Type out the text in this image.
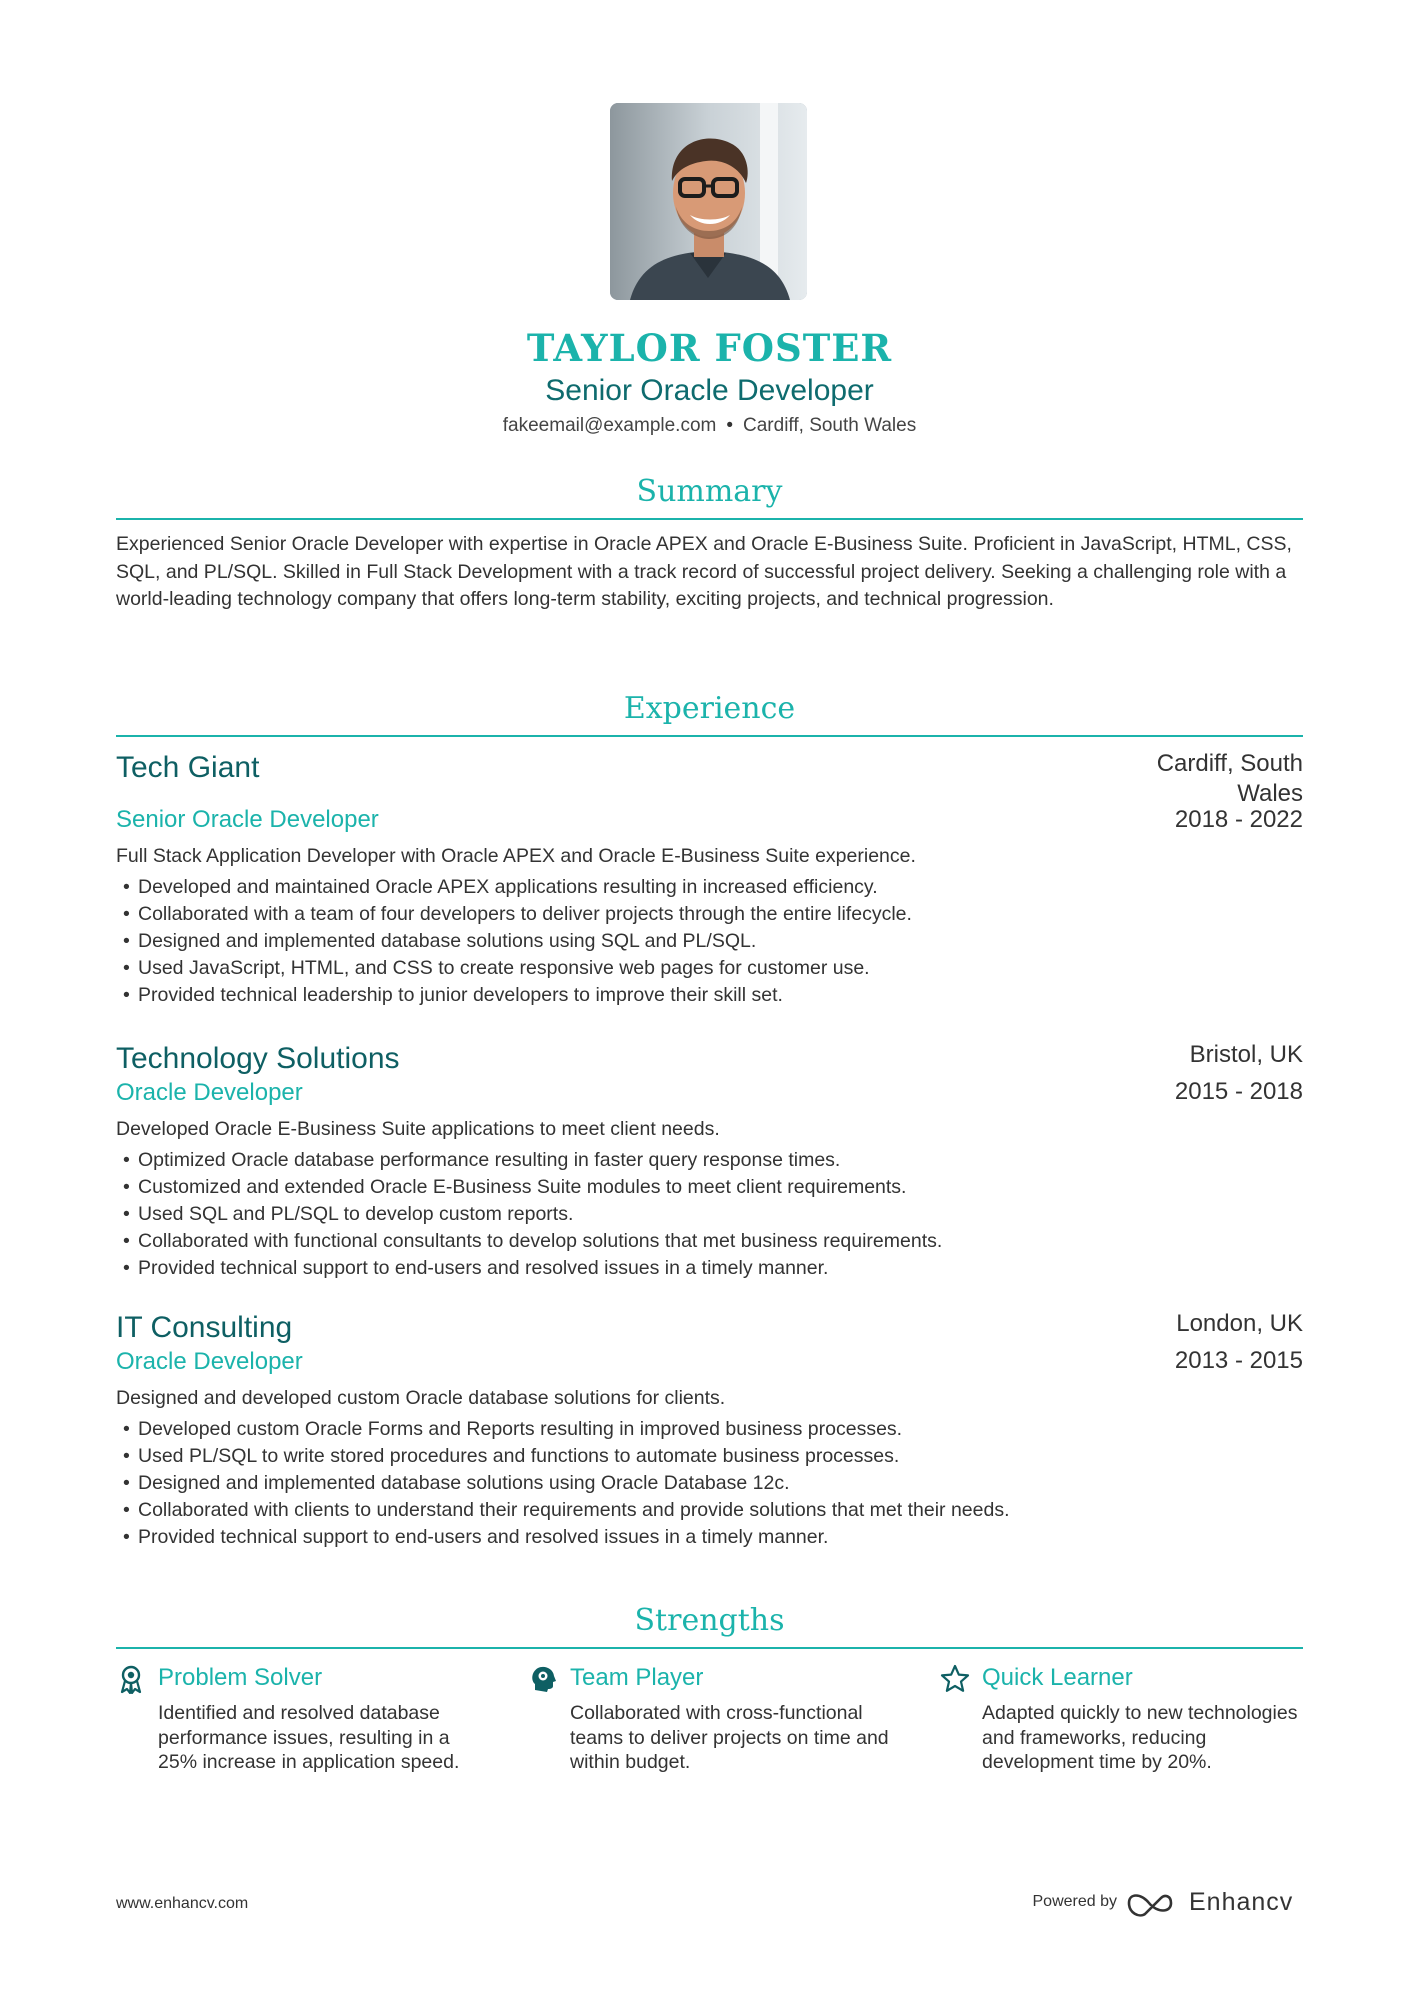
TAYLOR FOSTER
Senior Oracle Developer
fakeemail@example.com • Cardiff, South Wales
Summary
Experienced Senior Oracle Developer with expertise in Oracle APEX and Oracle E-Business Suite. Proficient in JavaScript, HTML, CSS, SQL, and PL/SQL. Skilled in Full Stack Development with a track record of successful project delivery. Seeking a challenging role with a world-leading technology company that offers long-term stability, exciting projects, and technical progression.
Experience
Tech Giant	Cardiff, South Wales
Senior Oracle Developer	2018 - 2022
Full Stack Application Developer with Oracle APEX and Oracle E-Business Suite experience.
• Developed and maintained Oracle APEX applications resulting in increased efficiency.
• Collaborated with a team of four developers to deliver projects through the entire lifecycle.
• Designed and implemented database solutions using SQL and PL/SQL.
• Used JavaScript, HTML, and CSS to create responsive web pages for customer use.
• Provided technical leadership to junior developers to improve their skill set.
Technology Solutions	Bristol, UK
Oracle Developer	2015 - 2018
Developed Oracle E-Business Suite applications to meet client needs.
• Optimized Oracle database performance resulting in faster query response times.
• Customized and extended Oracle E-Business Suite modules to meet client requirements.
• Used SQL and PL/SQL to develop custom reports.
• Collaborated with functional consultants to develop solutions that met business requirements.
• Provided technical support to end-users and resolved issues in a timely manner.
IT Consulting	London, UK
Oracle Developer	2013 - 2015
Designed and developed custom Oracle database solutions for clients.
• Developed custom Oracle Forms and Reports resulting in improved business processes.
• Used PL/SQL to write stored procedures and functions to automate business processes.
• Designed and implemented database solutions using Oracle Database 12c.
• Collaborated with clients to understand their requirements and provide solutions that met their needs.
• Provided technical support to end-users and resolved issues in a timely manner.
Strengths
Problem Solver
Identified and resolved database performance issues, resulting in a 25% increase in application speed.
Team Player
Collaborated with cross-functional teams to deliver projects on time and within budget.
Quick Learner
Adapted quickly to new technologies and frameworks, reducing development time by 20%.
www.enhancv.com	Powered by	Enhancv
